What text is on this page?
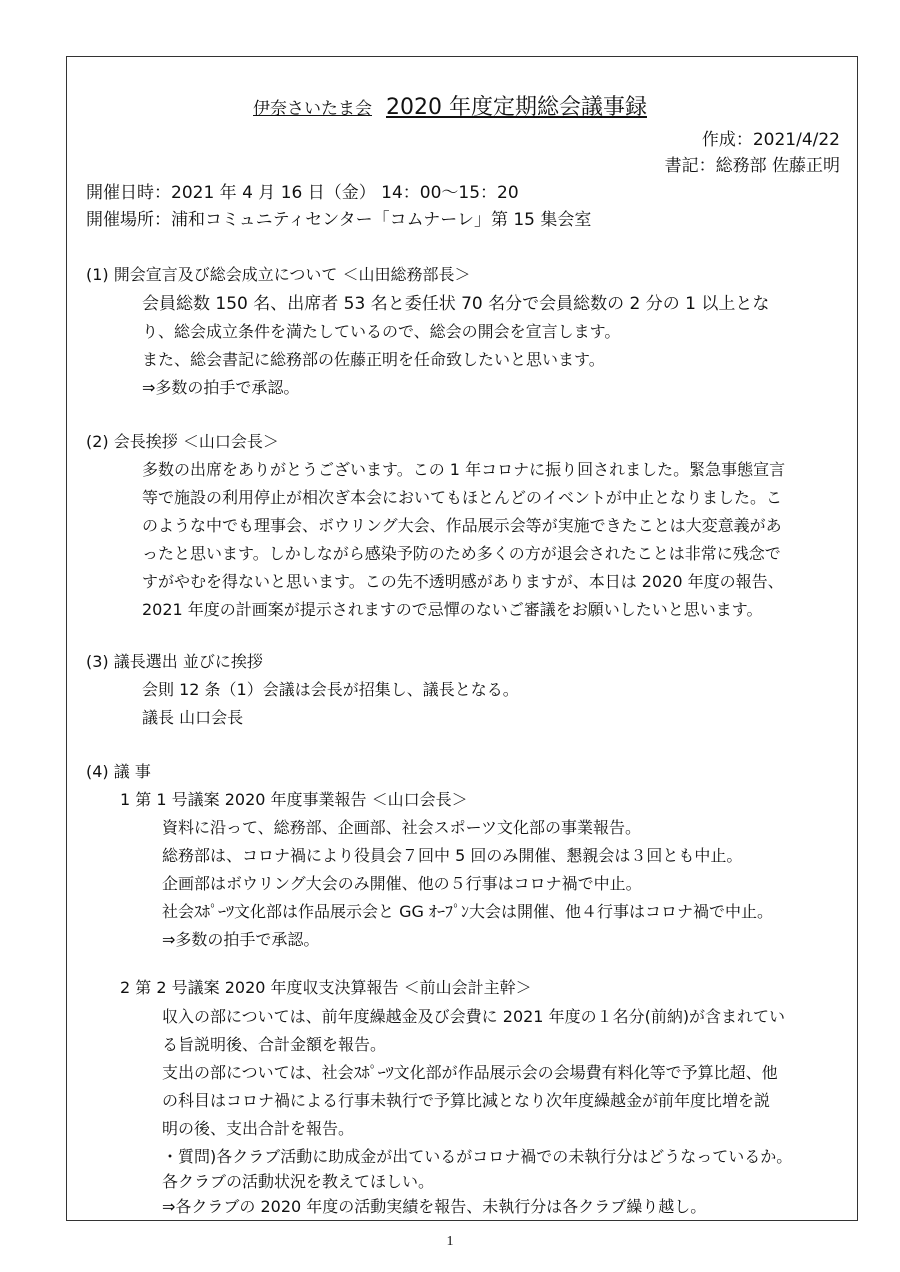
伊奈さいたま会 2020 年度定期総会議事録
作成：2021/4/22
書記：総務部 佐藤正明
開催日時：2021 年 4 月 16 日（金） 14：00～15：20
開催場所：浦和コミュニティセンター「コムナーレ」第 15 集会室
(1) 開会宣言及び総会成立について ＜山田総務部長＞
会員総数 150 名、出席者 53 名と委任状 70 名分で会員総数の 2 分の 1 以上とな
り、総会成立条件を満たしているので、総会の開会を宣言します。
また、総会書記に総務部の佐藤正明を任命致したいと思います。
⇒多数の拍手で承認。
(2) 会長挨拶 ＜山口会長＞
多数の出席をありがとうございます。この 1 年コロナに振り回されました。緊急事態宣言
等で施設の利用停止が相次ぎ本会においてもほとんどのイベントが中止となりました。こ
のような中でも理事会、ボウリング大会、作品展示会等が実施できたことは大変意義があ
ったと思います。しかしながら感染予防のため多くの方が退会されたことは非常に残念で
すがやむを得ないと思います。この先不透明感がありますが、本日は 2020 年度の報告、
2021 年度の計画案が提示されますので忌憚のないご審議をお願いしたいと思います。
(3) 議長選出 並びに挨拶
会則 12 条（1）会議は会長が招集し、議長となる。
議長 山口会長
(4) 議 事
1 第 1 号議案 2020 年度事業報告 ＜山口会長＞
資料に沿って、総務部、企画部、社会スポーツ文化部の事業報告。
総務部は、コロナ禍により役員会７回中 5 回のみ開催、懇親会は３回とも中止。
企画部はボウリング大会のみ開催、他の５行事はコロナ禍で中止。
社会ｽﾎﾟｰﾂ文化部は作品展示会と GG ｵｰﾌﾟﾝ大会は開催、他４行事はコロナ禍で中止。
⇒多数の拍手で承認。
2 第 2 号議案 2020 年度収支決算報告 ＜前山会計主幹＞
収入の部については、前年度繰越金及び会費に 2021 年度の１名分(前納)が含まれてい
る旨説明後、合計金額を報告。
支出の部については、社会ｽﾎﾟｰﾂ文化部が作品展示会の会場費有料化等で予算比超、他
の科目はコロナ禍による行事未執行で予算比減となり次年度繰越金が前年度比増を説
明の後、支出合計を報告。
・質問)各クラブ活動に助成金が出ているがコロナ禍での未執行分はどうなっているか。
各クラブの活動状況を教えてほしい。
⇒各クラブの 2020 年度の活動実績を報告、未執行分は各クラブ繰り越し。
1
